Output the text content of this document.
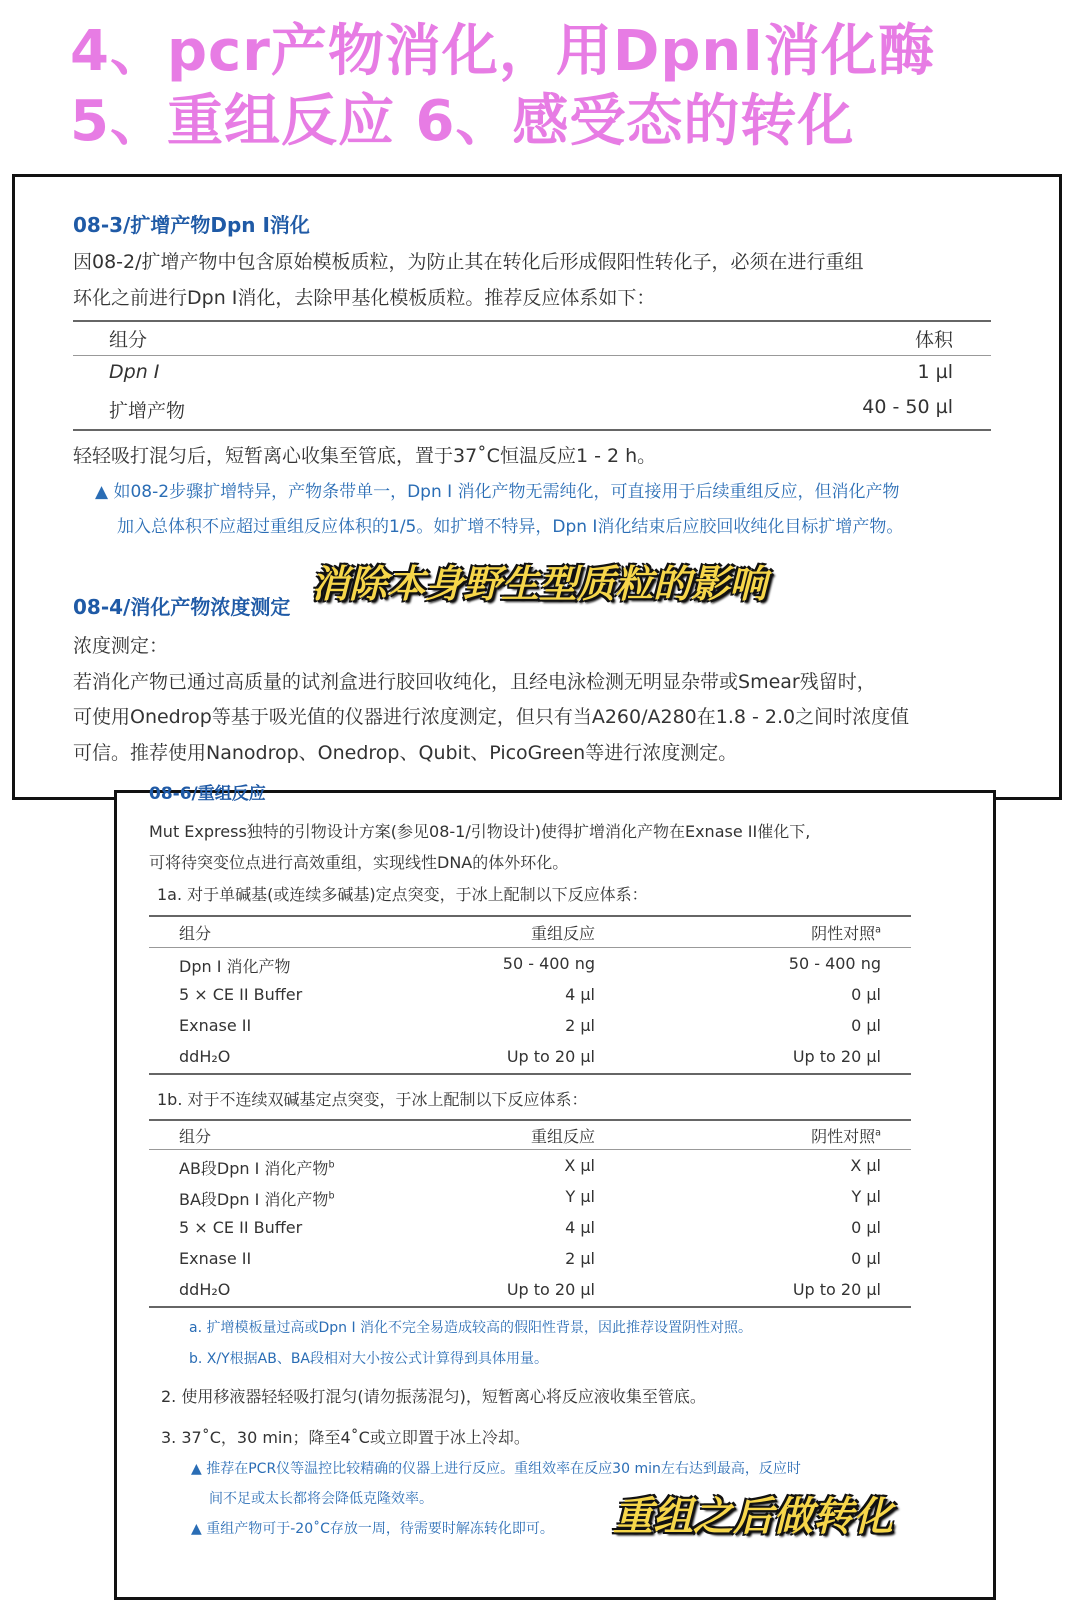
4、pcr产物消化，用DpnI消化酶
5、重组反应 6、感受态的转化
08-3/扩增产物Dpn I消化
因08-2/扩增产物中包含原始模板质粒，为防止其在转化后形成假阳性转化子，必须在进行重组
环化之前进行Dpn I消化，去除甲基化模板质粒。推荐反应体系如下：
组分	体积
Dpn I	1 µl
扩增产物	40 - 50 µl
轻轻吸打混匀后，短暂离心收集至管底，置于37˚C恒温反应1 - 2 h。
▲ 如08-2步骤扩增特异，产物条带单一，Dpn I 消化产物无需纯化，可直接用于后续重组反应，但消化产物
加入总体积不应超过重组反应体积的1/5。如扩增不特异，Dpn I消化结束后应胶回收纯化目标扩增产物。
消除本身野生型质粒的影响
08-4/消化产物浓度测定
浓度测定：
若消化产物已通过高质量的试剂盒进行胶回收纯化，且经电泳检测无明显杂带或Smear残留时，
可使用Onedrop等基于吸光值的仪器进行浓度测定，但只有当A260/A280在1.8 - 2.0之间时浓度值
可信。推荐使用Nanodrop、Onedrop、Qubit、PicoGreen等进行浓度测定。
08-6/重组反应
Mut Express独特的引物设计方案(参见08-1/引物设计)使得扩增消化产物在Exnase II催化下,
可将待突变位点进行高效重组，实现线性DNA的体外环化。
1a. 对于单碱基(或连续多碱基)定点突变，于冰上配制以下反应体系：
组分	重组反应	阴性对照$^a$
Dpn I 消化产物	50 - 400 ng	50 - 400 ng
5 × CE II Buffer	4 µl	0 µl
Exnase II	2 µl	0 µl
ddH₂O	Up to 20 µl	Up to 20 µl
1b. 对于不连续双碱基定点突变，于冰上配制以下反应体系：
组分	重组反应	阴性对照$^a$
AB段Dpn I 消化产物$^b$	X µl	X µl
BA段Dpn I 消化产物$^b$	Y µl	Y µl
5 × CE II Buffer	4 µl	0 µl
Exnase II	2 µl	0 µl
ddH₂O	Up to 20 µl	Up to 20 µl
a. 扩增模板量过高或Dpn I 消化不完全易造成较高的假阳性背景，因此推荐设置阴性对照。
b. X/Y根据AB、BA段相对大小按公式计算得到具体用量。
2. 使用移液器轻轻吸打混匀(请勿振荡混匀)，短暂离心将反应液收集至管底。
3. 37˚C，30 min；降至4˚C或立即置于冰上冷却。
▲ 推荐在PCR仪等温控比较精确的仪器上进行反应。重组效率在反应30 min左右达到最高，反应时
间不足或太长都将会降低克隆效率。
▲ 重组产物可于-20˚C存放一周，待需要时解冻转化即可。 重组之后做转化
